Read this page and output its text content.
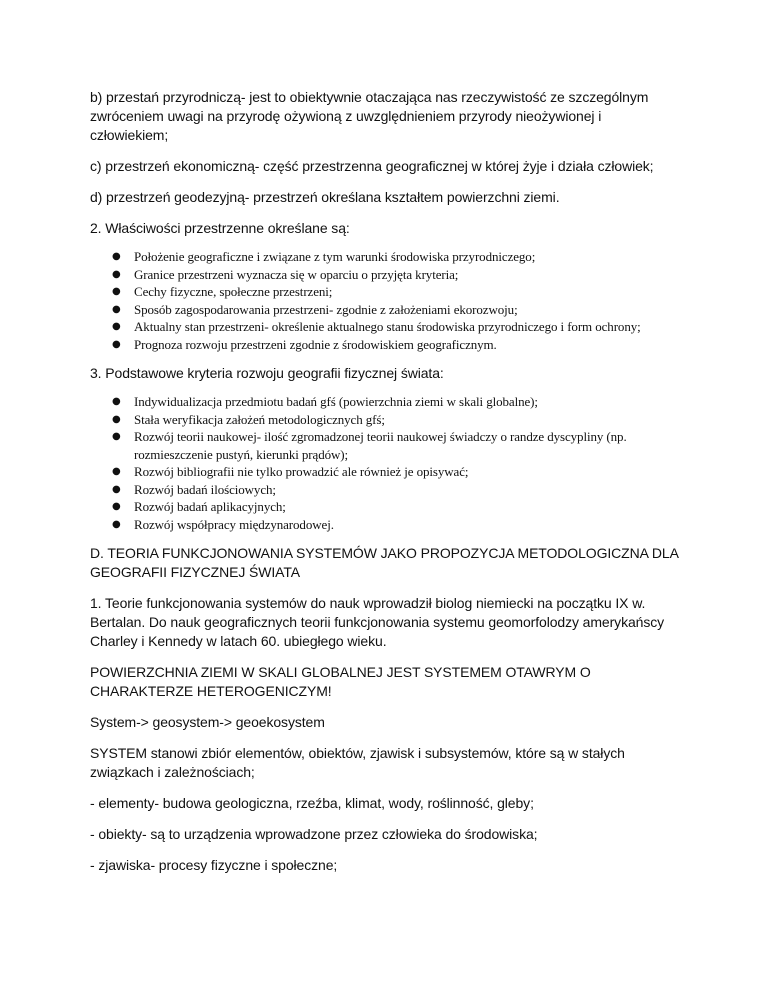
b) przestań przyrodniczą- jest to obiektywnie otaczająca nas rzeczywistość ze szczególnym zwróceniem uwagi na przyrodę ożywioną z uwzględnieniem przyrody nieożywionej i człowiekiem;

c) przestrzeń ekonomiczną- część przestrzenna geograficznej w której żyje i działa człowiek;

d) przestrzeń geodezyjną- przestrzeń określana kształtem powierzchni ziemi.

2. Właściwości przestrzenne określane są:

● Położenie geograficzne i związane z tym warunki środowiska przyrodniczego;
● Granice przestrzeni wyznacza się w oparciu o przyjęta kryteria;
● Cechy fizyczne, społeczne przestrzeni;
● Sposób zagospodarowania przestrzeni- zgodnie z założeniami ekorozwoju;
● Aktualny stan przestrzeni- określenie aktualnego stanu środowiska przyrodniczego i form ochrony;
● Prognoza rozwoju przestrzeni zgodnie z środowiskiem geograficznym.

3. Podstawowe kryteria rozwoju geografii fizycznej świata:

● Indywidualizacja przedmiotu badań gfś (powierzchnia ziemi w skali globalne);
● Stała weryfikacja założeń metodologicznych gfś;
● Rozwój teorii naukowej- ilość zgromadzonej teorii naukowej świadczy o randze dyscypliny (np. rozmieszczenie pustyń, kierunki prądów);
● Rozwój bibliografii nie tylko prowadzić ale również je opisywać;
● Rozwój badań ilościowych;
● Rozwój badań aplikacyjnych;
● Rozwój współpracy międzynarodowej.

D. TEORIA FUNKCJONOWANIA SYSTEMÓW JAKO PROPOZYCJA METODOLOGICZNA DLA GEOGRAFII FIZYCZNEJ ŚWIATA

1. Teorie funkcjonowania systemów do nauk wprowadził biolog niemiecki na początku IX w. Bertalan. Do nauk geograficznych teorii funkcjonowania systemu geomorfolodzy amerykańscy Charley i Kennedy w latach 60. ubiegłego wieku.

POWIERZCHNIA ZIEMI W SKALI GLOBALNEJ JEST SYSTEMEM OTAWRYM O CHARAKTERZE HETEROGENICZYM!

System-> geosystem-> geoekosystem

SYSTEM stanowi zbiór elementów, obiektów, zjawisk i subsystemów, które są w stałych związkach i zależnościach;

- elementy- budowa geologiczna, rzeźba, klimat, wody, roślinność, gleby;

- obiekty- są to urządzenia wprowadzone przez człowieka do środowiska;

- zjawiska- procesy fizyczne i społeczne;
